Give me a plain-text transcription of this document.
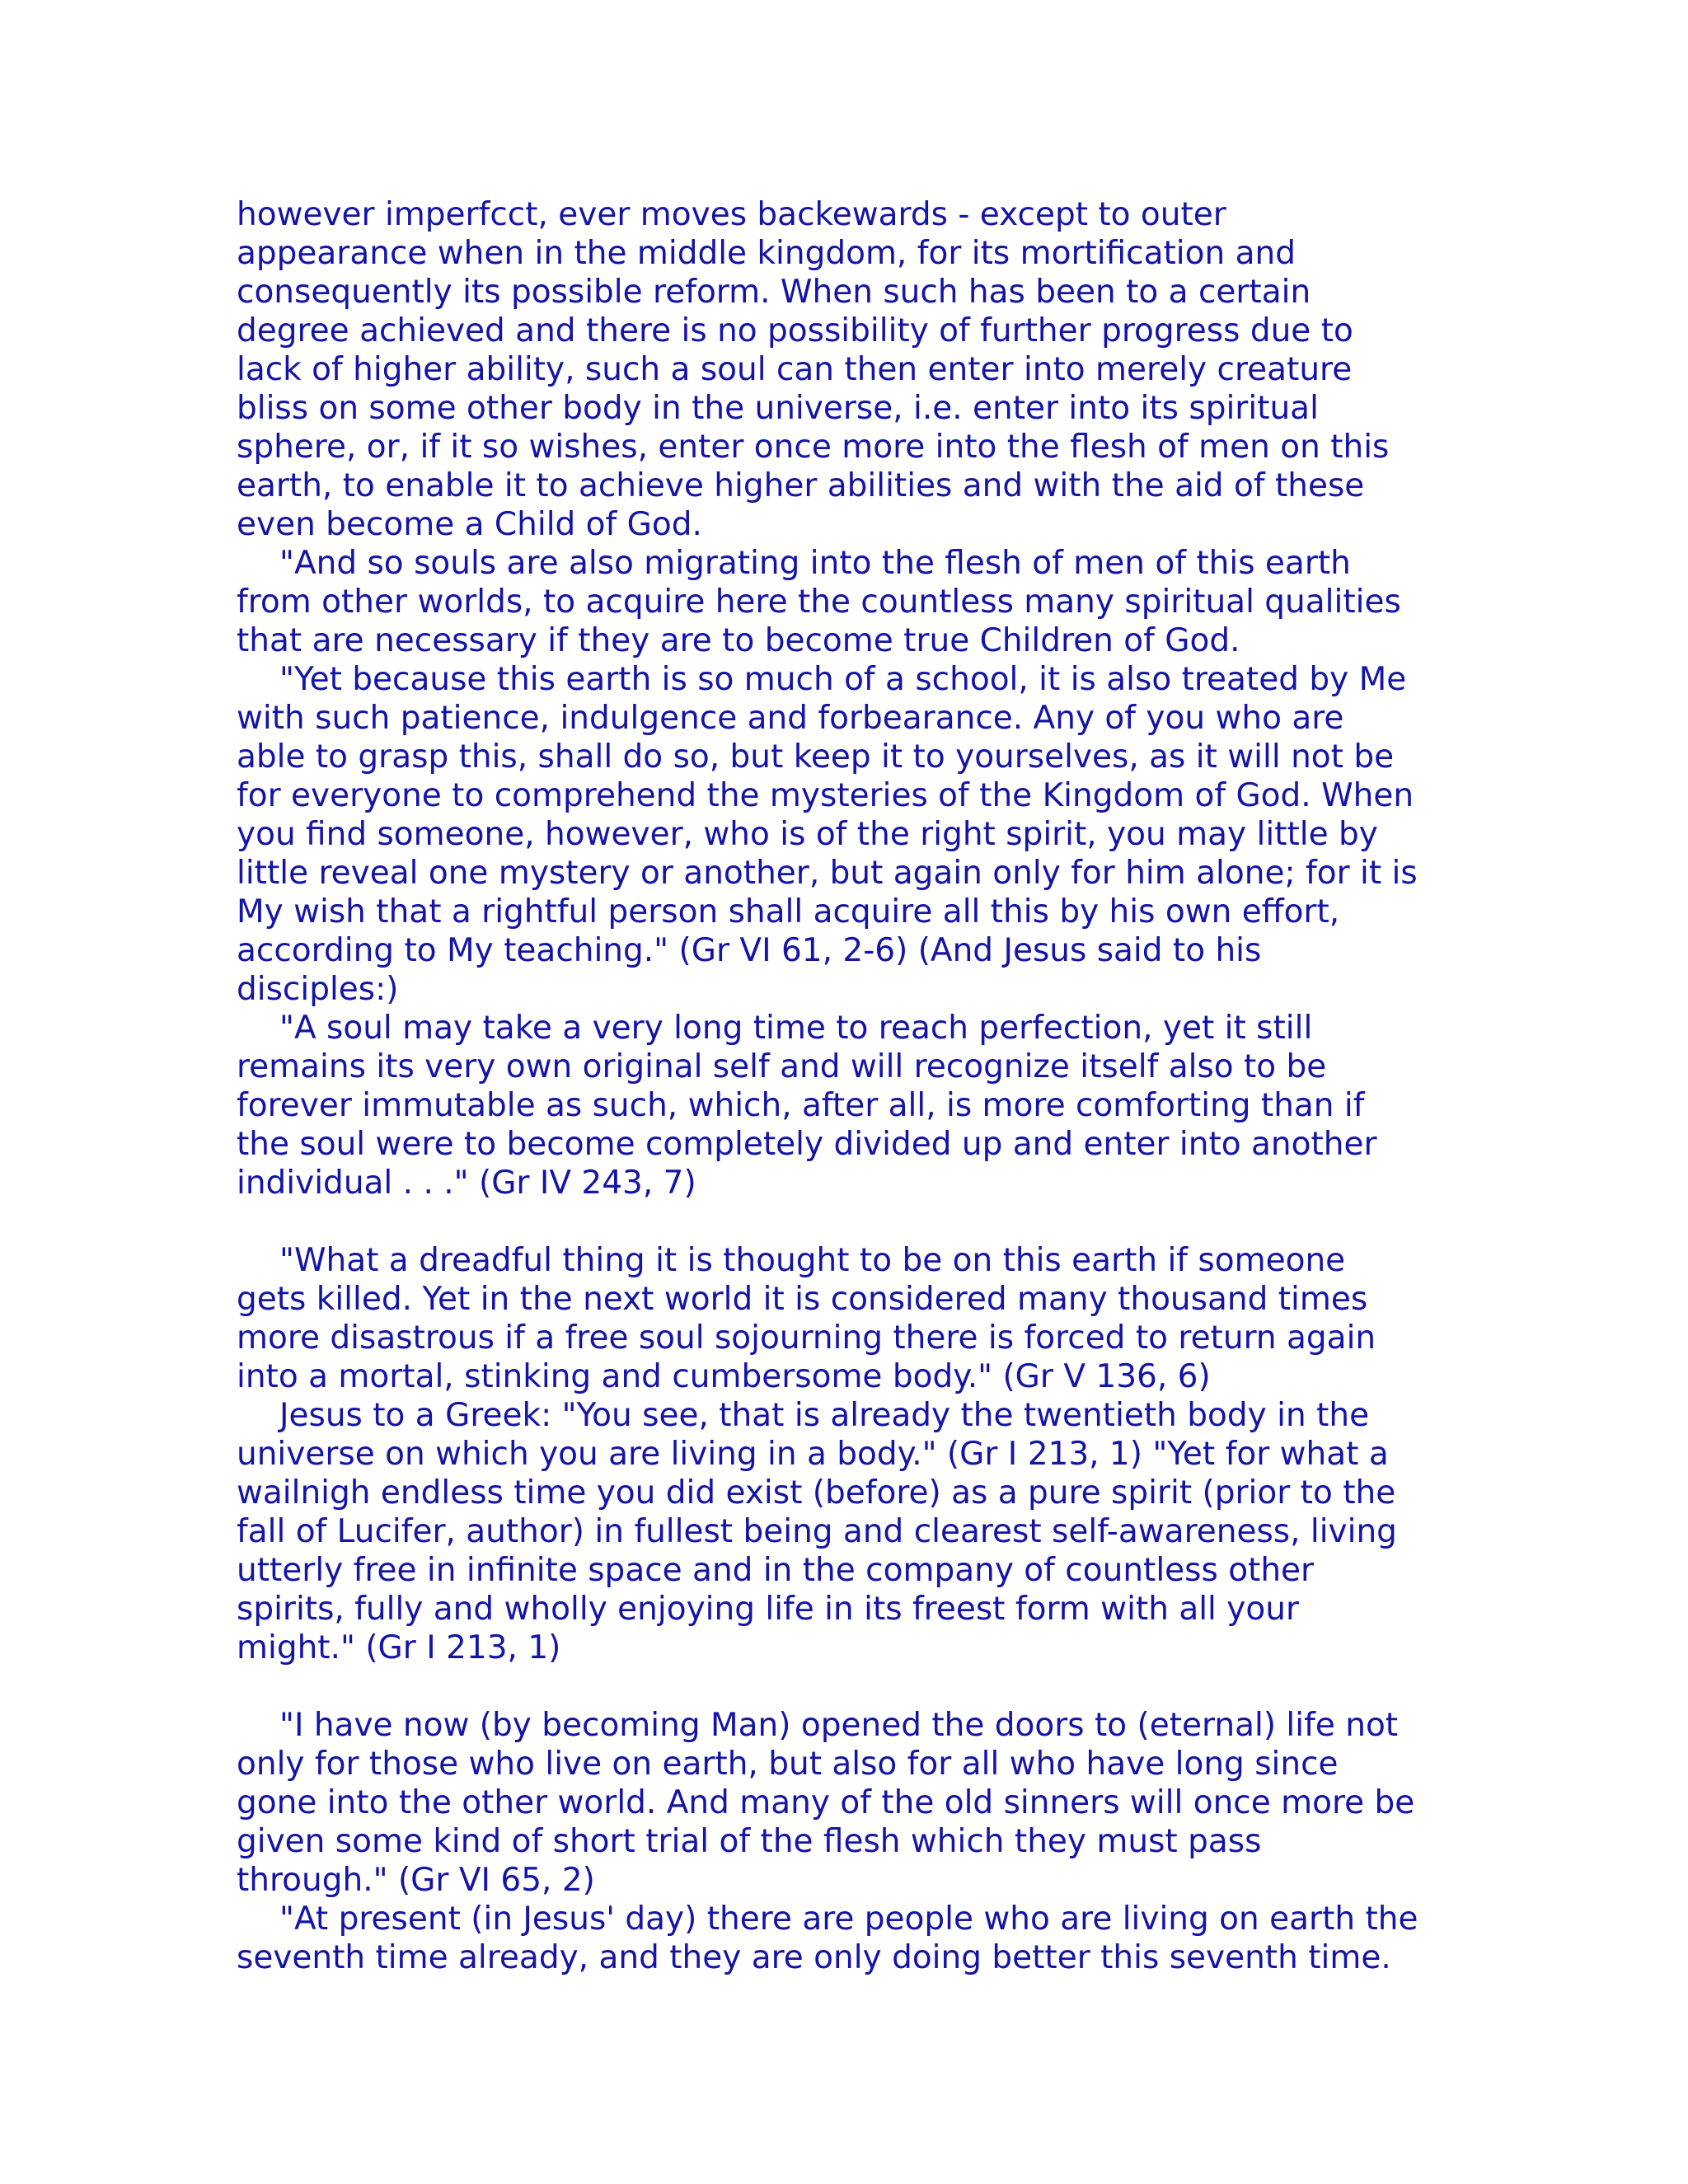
however imperfcct, ever moves backewards - except to outer
appearance when in the middle kingdom, for its mortification and
consequently its possible reform. When such has been to a certain
degree achieved and there is no possibility of further progress due to
lack of higher ability, such a soul can then enter into merely creature
bliss on some other body in the universe, i.e. enter into its spiritual
sphere, or, if it so wishes, enter once more into the flesh of men on this
earth, to enable it to achieve higher abilities and with the aid of these
even become a Child of God.
"And so souls are also migrating into the flesh of men of this earth
from other worlds, to acquire here the countless many spiritual qualities
that are necessary if they are to become true Children of God.
"Yet because this earth is so much of a school, it is also treated by Me
with such patience, indulgence and forbearance. Any of you who are
able to grasp this, shall do so, but keep it to yourselves, as it will not be
for everyone to comprehend the mysteries of the Kingdom of God. When
you find someone, however, who is of the right spirit, you may little by
little reveal one mystery or another, but again only for him alone; for it is
My wish that a rightful person shall acquire all this by his own effort,
according to My teaching." (Gr VI 61, 2-6) (And Jesus said to his
disciples:)
"A soul may take a very long time to reach perfection, yet it still
remains its very own original self and will recognize itself also to be
forever immutable as such, which, after all, is more comforting than if
the soul were to become completely divided up and enter into another
individual . . ." (Gr IV 243, 7)
"What a dreadful thing it is thought to be on this earth if someone
gets killed. Yet in the next world it is considered many thousand times
more disastrous if a free soul sojourning there is forced to return again
into a mortal, stinking and cumbersome body." (Gr V 136, 6)
Jesus to a Greek: "You see, that is already the twentieth body in the
universe on which you are living in a body." (Gr I 213, 1) "Yet for what a
wailnigh endless time you did exist (before) as a pure spirit (prior to the
fall of Lucifer, author) in fullest being and clearest self-awareness, living
utterly free in infinite space and in the company of countless other
spirits, fully and wholly enjoying life in its freest form with all your
might." (Gr I 213, 1)
"I have now (by becoming Man) opened the doors to (eternal) life not
only for those who live on earth, but also for all who have long since
gone into the other world. And many of the old sinners will once more be
given some kind of short trial of the flesh which they must pass
through." (Gr VI 65, 2)
"At present (in Jesus' day) there are people who are living on earth the
seventh time already, and they are only doing better this seventh time.
